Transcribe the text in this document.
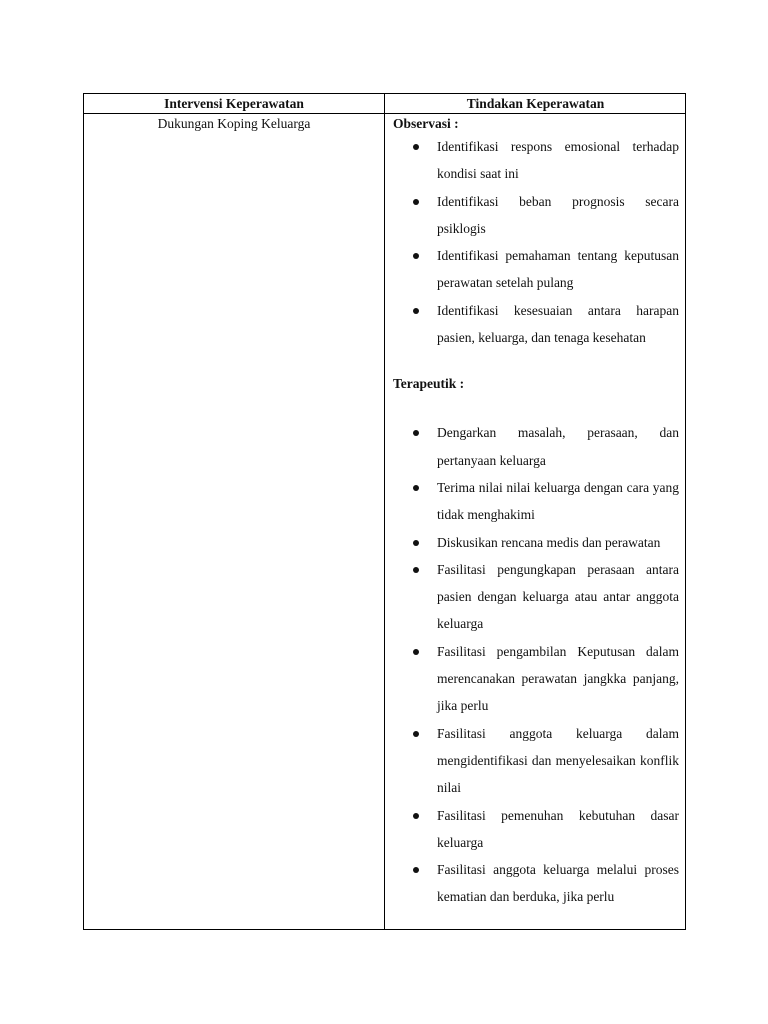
Intervensi Keperawatan	Tindakan Keperawatan
Dukungan Koping Keluarga	Observasi :
Identifikasi respons emosional terhadap kondisi saat ini
Identifikasi beban prognosis secara psiklogis
Identifikasi pemahaman tentang keputusan perawatan setelah pulang
Identifikasi kesesuaian antara harapan pasien, keluarga, dan tenaga kesehatan
Terapeutik :
Dengarkan masalah, perasaan, dan pertanyaan keluarga
Terima nilai nilai keluarga dengan cara yang tidak menghakimi
Diskusikan rencana medis dan perawatan
Fasilitasi pengungkapan perasaan antara pasien dengan keluarga atau antar anggota keluarga
Fasilitasi pengambilan Keputusan dalam merencanakan perawatan jangkka panjang, jika perlu
Fasilitasi anggota keluarga dalam mengidentifikasi dan menyelesaikan konflik nilai
Fasilitasi pemenuhan kebutuhan dasar keluarga
Fasilitasi anggota keluarga melalui proses kematian dan berduka, jika perlu
